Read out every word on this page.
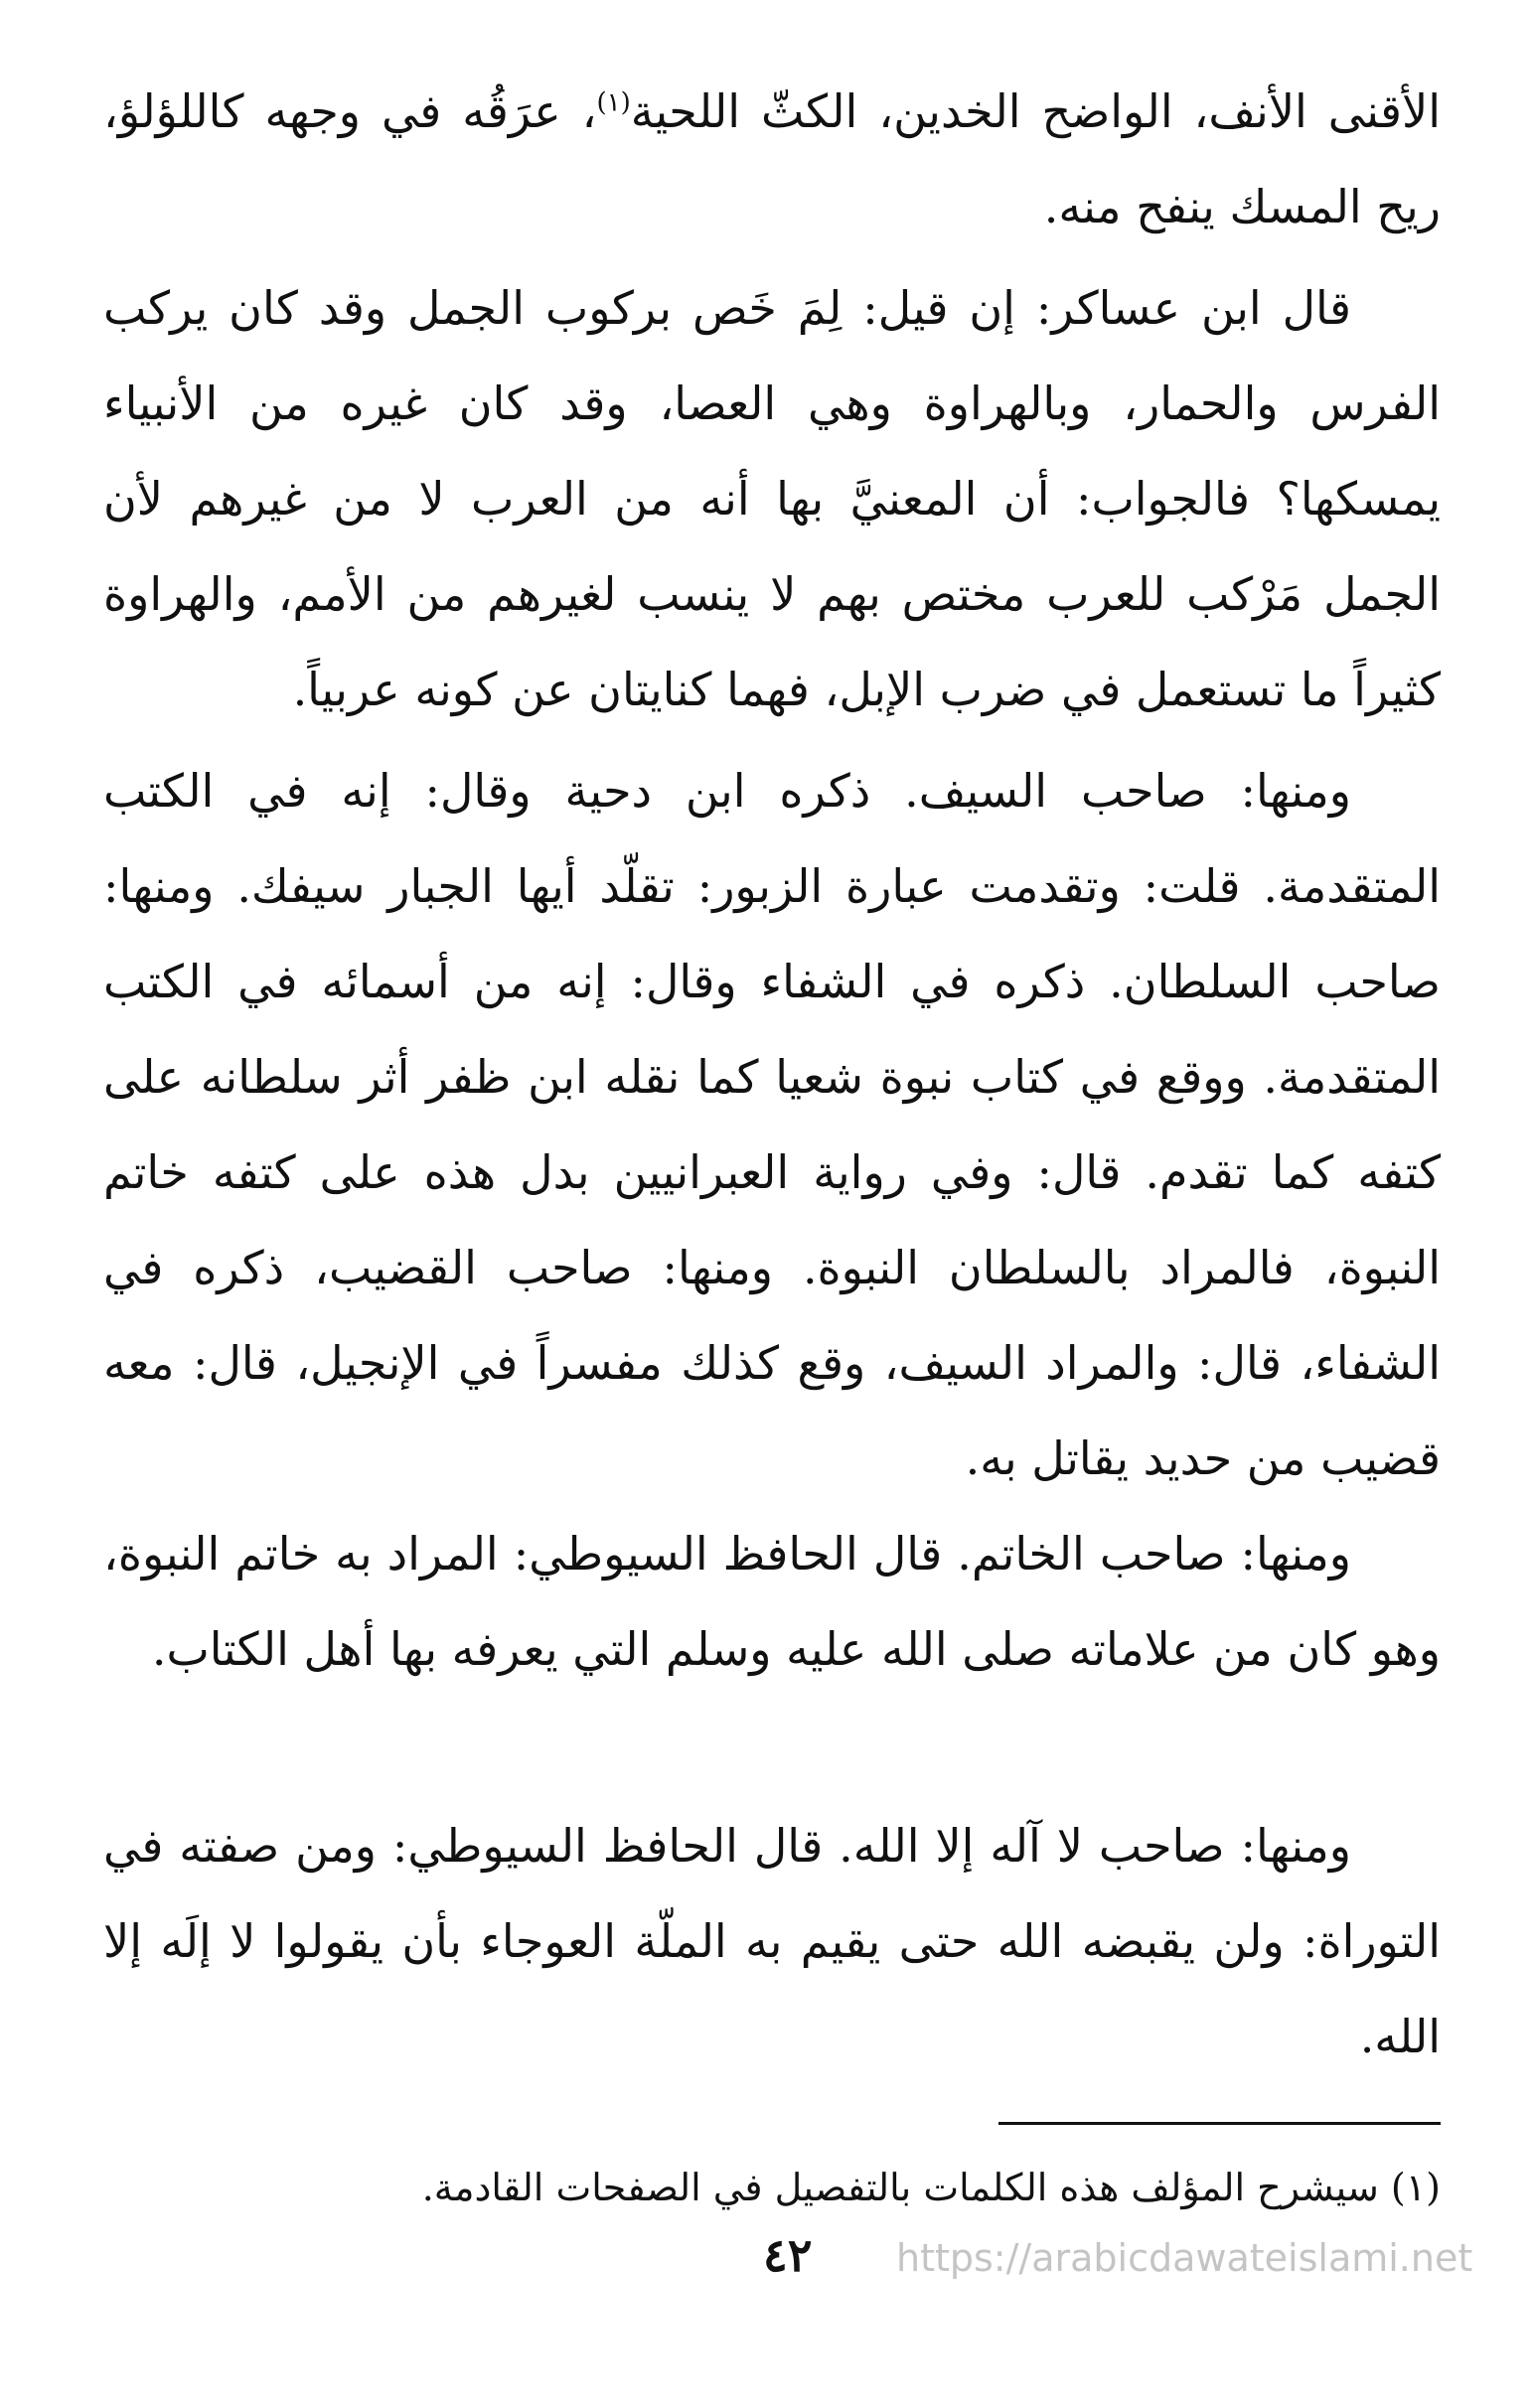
الأقنى الأنف، الواضح الخدين، الكثّ اللحية$^{(١)}$، عرَقُه في وجهه كاللؤلؤ، ريح المسك ينفح منه.

قال ابن عساكر: إن قيل: لِمَ خَص بركوب الجمل وقد كان يركب الفرس والحمار، وبالهراوة وهي العصا، وقد كان غيره من الأنبياء يمسكها؟ فالجواب: أن المعنيَّ بها أنه من العرب لا من غيرهم لأن الجمل مَرْكب للعرب مختص بهم لا ينسب لغيرهم من الأمم، والهراوة كثيراً ما تستعمل في ضرب الإبل، فهما كنايتان عن كونه عربياً.

ومنها: صاحب السيف. ذكره ابن دحية وقال: إنه في الكتب المتقدمة. قلت: وتقدمت عبارة الزبور: تقلّد أيها الجبار سيفك. ومنها: صاحب السلطان. ذكره في الشفاء وقال: إنه من أسمائه في الكتب المتقدمة. ووقع في كتاب نبوة شعيا كما نقله ابن ظفر أثر سلطانه على كتفه كما تقدم. قال: وفي رواية العبرانيين بدل هذه على كتفه خاتم النبوة، فالمراد بالسلطان النبوة. ومنها: صاحب القضيب، ذكره في الشفاء، قال: والمراد السيف، وقع كذلك مفسراً في الإنجيل، قال: معه قضيب من حديد يقاتل به.

ومنها: صاحب الخاتم. قال الحافظ السيوطي: المراد به خاتم النبوة، وهو كان من علاماته صلى الله عليه وسلم التي يعرفه بها أهل الكتاب.

ومنها: صاحب لا آله إلا الله. قال الحافظ السيوطي: ومن صفته في التوراة: ولن يقبضه الله حتى يقيم به الملّة العوجاء بأن يقولوا لا إلَه إلا الله.

(١) سيشرح المؤلف هذه الكلمات بالتفصيل في الصفحات القادمة.

٤٢ https://arabicdawateislami.net
